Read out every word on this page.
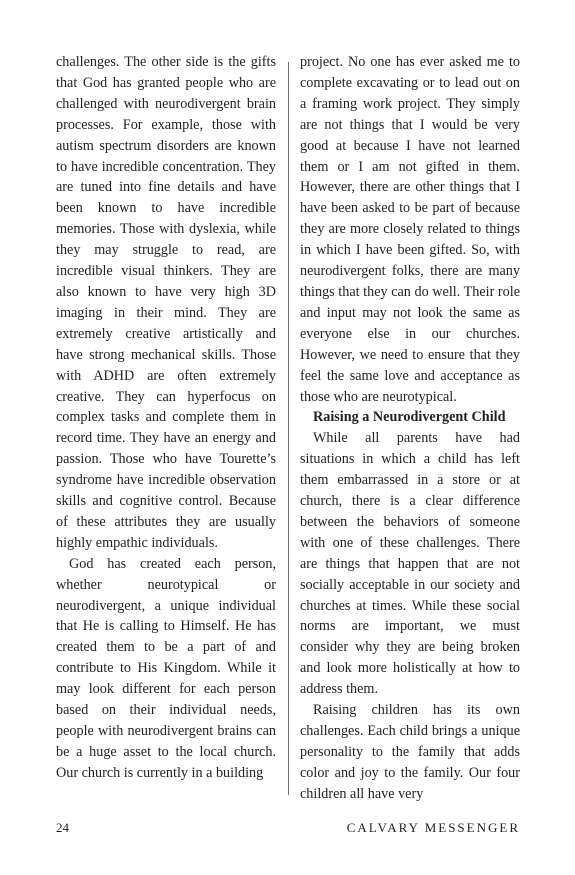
challenges. The other side is the gifts that God has granted people who are challenged with neurodivergent brain processes. For example, those with autism spectrum disorders are known to have incredible concentration. They are tuned into fine details and have been known to have incredible memories. Those with dyslexia, while they may struggle to read, are incredible visual thinkers. They are also known to have very high 3D imaging in their mind. They are extremely creative artistically and have strong mechanical skills. Those with ADHD are often extremely creative. They can hyperfocus on complex tasks and complete them in record time. They have an energy and passion. Those who have Tourette’s syndrome have incredible observation skills and cognitive control. Because of these attributes they are usually highly empathic individuals.

God has created each person, whether neurotypical or neurodivergent, a unique individual that He is calling to Himself. He has created them to be a part of and contribute to His Kingdom. While it may look different for each person based on their individual needs, people with neurodivergent brains can be a huge asset to the local church. Our church is currently in a building

project. No one has ever asked me to complete excavating or to lead out on a framing work project. They simply are not things that I would be very good at because I have not learned them or I am not gifted in them. However, there are other things that I have been asked to be part of because they are more closely related to things in which I have been gifted. So, with neurodivergent folks, there are many things that they can do well. Their role and input may not look the same as everyone else in our churches. However, we need to ensure that they feel the same love and acceptance as those who are neurotypical.

Raising a Neurodivergent Child

While all parents have had situations in which a child has left them embarrassed in a store or at church, there is a clear difference between the behaviors of someone with one of these challenges. There are things that happen that are not socially acceptable in our society and churches at times. While these social norms are important, we must consider why they are being broken and look more holistically at how to address them.

Raising children has its own challenges. Each child brings a unique personality to the family that adds color and joy to the family. Our four children all have very

24	CALVARY MESSENGER
